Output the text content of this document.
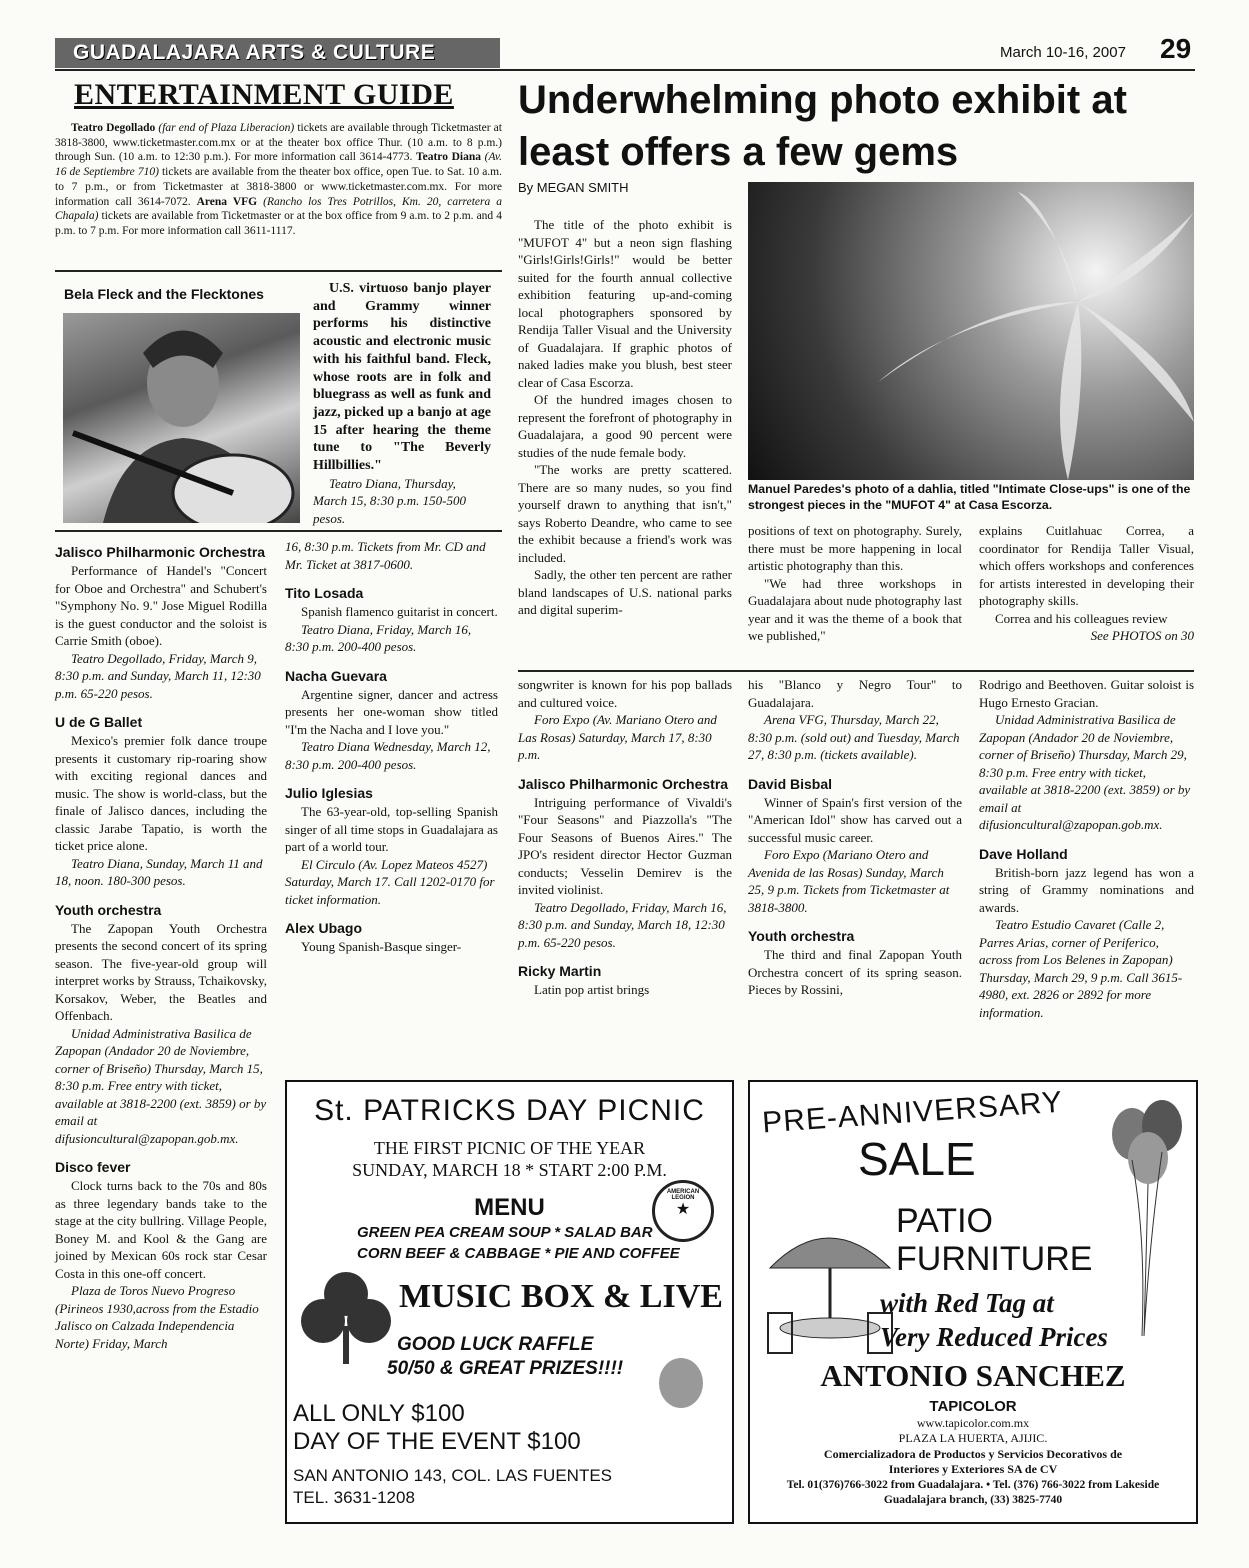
GUADALAJARA ARTS & CULTURE	March 10-16, 2007 29
ENTERTAINMENT GUIDE
Teatro Degollado (far end of Plaza Liberacion) tickets are available through Ticketmaster at 3818-3800, www.ticketmaster.com.mx or at the theater box office Thur. (10 a.m. to 8 p.m.) through Sun. (10 a.m. to 12:30 p.m.). For more information call 3614-4773. Teatro Diana (Av. 16 de Septiembre 710) tickets are available from the theater box office, open Tue. to Sat. 10 a.m. to 7 p.m., or from Ticketmaster at 3818-3800 or www.ticketmaster.com.mx. For more information call 3614-7072. Arena VFG (Rancho los Tres Potrillos, Km. 20, carretera a Chapala) tickets are available from Ticketmaster or at the box office from 9 a.m. to 2 p.m. and 4 p.m. to 7 p.m. For more information call 3611-1117.
Bela Fleck and the Flecktones	U.S. virtuoso banjo player and Grammy winner performs his distinctive acoustic and electronic music with his faithful band. Fleck, whose roots are in folk and bluegrass as well as funk and jazz, picked up a banjo at age 15 after hearing the theme tune to "The Beverly Hillbillies."

Teatro Diana, Thursday, March 15, 8:30 p.m. 150-500 pesos.

Jalisco Philharmonic Orchestra

Performance of Handel's "Concert for Oboe and Orchestra" and Schubert's "Symphony No. 9." Jose Miguel Rodilla is the guest conductor and the soloist is Carrie Smith (oboe).

Teatro Degollado, Friday, March 9, 8:30 p.m. and Sunday, March 11, 12:30 p.m. 65-220 pesos.

U de G Ballet

Mexico's premier folk dance troupe presents it customary rip-roaring show with exciting regional dances and music. The show is world-class, but the finale of Jalisco dances, including the classic Jarabe Tapatio, is worth the ticket price alone.

Teatro Diana, Sunday, March 11 and 18, noon. 180-300 pesos.

Youth orchestra

The Zapopan Youth Orchestra presents the second concert of its spring season. The five-year-old group will interpret works by Strauss, Tchaikovsky, Korsakov, Weber, the Beatles and Offenbach.

Unidad Administrativa Basilica de Zapopan (Andador 20 de Noviembre, corner of Briseño) Thursday, March 15, 8:30 p.m. Free entry with ticket, available at 3818-2200 (ext. 3859) or by email at difusioncultural@zapopan.gob.mx.

Disco fever

Clock turns back to the 70s and 80s as three legendary bands take to the stage at the city bullring. Village People, Boney M. and Kool & the Gang are joined by Mexican 60s rock star Cesar Costa in this one-off concert.

Plaza de Toros Nuevo Progreso (Pirineos 1930,across from the Estadio Jalisco on Calzada Independencia Norte) Friday, March

16, 8:30 p.m. Tickets from Mr. CD and Mr. Ticket at 3817-0600.

Tito Losada

Spanish flamenco guitarist in concert.

Teatro Diana, Friday, March 16, 8:30 p.m. 200-400 pesos.

Nacha Guevara

Argentine signer, dancer and actress presents her one-woman show titled "I'm the Nacha and I love you."

Teatro Diana Wednesday, March 12, 8:30 p.m. 200-400 pesos.

Julio Iglesias

The 63-year-old, top-selling Spanish singer of all time stops in Guadalajara as part of a world tour.

El Circulo (Av. Lopez Mateos 4527) Saturday, March 17. Call 1202-0170 for ticket information.

Alex Ubago

Young Spanish-Basque singer-

Underwhelming photo exhibit at least offers a few gems
By MEGAN SMITH

The title of the photo exhibit is "MUFOT 4" but a neon sign flashing "Girls!Girls!Girls!" would be better suited for the fourth annual collective exhibition featuring up-and-coming local photographers sponsored by Rendija Taller Visual and the University of Guadalajara. If graphic photos of naked ladies make you blush, best steer clear of Casa Escorza.

Of the hundred images chosen to represent the forefront of photography in Guadalajara, a good 90 percent were studies of the nude female body.

"The works are pretty scattered. There are so many nudes, so you find yourself drawn to anything that isn't," says Roberto Deandre, who came to see the exhibit because a friend's work was included.

Sadly, the other ten percent are rather bland landscapes of U.S. national parks and digital superim-

Manuel Paredes's photo of a dahlia, titled "Intimate Close-ups" is one of the strongest pieces in the "MUFOT 4" at Casa Escorza.

positions of text on photography. Surely, there must be more happening in local artistic photography than this.

"We had three workshops in Guadalajara about nude photography last year and it was the theme of a book that we published,"

explains Cuitlahuac Correa, a coordinator for Rendija Taller Visual, which offers workshops and conferences for artists interested in developing their photography skills.

Correa and his colleagues review

See PHOTOS on 30

songwriter is known for his pop ballads and cultured voice.

Foro Expo (Av. Mariano Otero and Las Rosas) Saturday, March 17, 8:30 p.m.

Jalisco Philharmonic Orchestra

Intriguing performance of Vivaldi's "Four Seasons" and Piazzolla's "The Four Seasons of Buenos Aires." The JPO's resident director Hector Guzman conducts; Vesselin Demirev is the invited violinist.

Teatro Degollado, Friday, March 16, 8:30 p.m. and Sunday, March 18, 12:30 p.m. 65-220 pesos.

Ricky Martin

Latin pop artist brings

his "Blanco y Negro Tour" to Guadalajara.

Arena VFG, Thursday, March 22, 8:30 p.m. (sold out) and Tuesday, March 27, 8:30 p.m. (tickets available).

David Bisbal

Winner of Spain's first version of the "American Idol" show has carved out a successful music career.

Foro Expo (Mariano Otero and Avenida de las Rosas) Sunday, March 25, 9 p.m. Tickets from Ticketmaster at 3818-3800.

Youth orchestra

The third and final Zapopan Youth Orchestra concert of its spring season. Pieces by Rossini,

Rodrigo and Beethoven. Guitar soloist is Hugo Ernesto Gracian.

Unidad Administrativa Basilica de Zapopan (Andador 20 de Noviembre, corner of Briseño) Thursday, March 29, 8:30 p.m. Free entry with ticket, available at 3818-2200 (ext. 3859) or by email at difusioncultural@zapopan.gob.mx.

Dave Holland

British-born jazz legend has won a string of Grammy nominations and awards.

Teatro Estudio Cavaret (Calle 2, Parres Arias, corner of Periferico, across from Los Belenes in Zapopan) Thursday, March 29, 9 p.m. Call 3615-4980, ext. 2826 or 2892 for more information.

St. PATRICKS DAY PICNIC
THE FIRST PICNIC OF THE YEAR
SUNDAY, MARCH 18 * START 2:00 P.M.
MENU
GREEN PEA CREAM SOUP * SALAD BAR
CORN BEEF & CABBAGE * PIE AND COFFEE
AMERICAN LEGION
★
MUSIC BOX & LIVE
GOOD LUCK RAFFLE
50/50 & GREAT PRIZES!!!!
ALL ONLY $100
DAY OF THE EVENT $100
SAN ANTONIO 143, COL. LAS FUENTES
TEL. 3631-1208
PRE-ANNIVERSARY
SALE
PATIO
FURNITURE
with Red Tag at
Very Reduced Prices
ANTONIO SANCHEZ
TAPICOLOR
www.tapicolor.com.mx
PLAZA LA HUERTA, AJIJIC.
Comercializadora de Productos y Servicios Decorativos de
Interiores y Exteriores SA de CV
Tel. 01(376)766-3022 from Guadalajara. • Tel. (376) 766-3022 from Lakeside
Guadalajara branch, (33) 3825-7740
